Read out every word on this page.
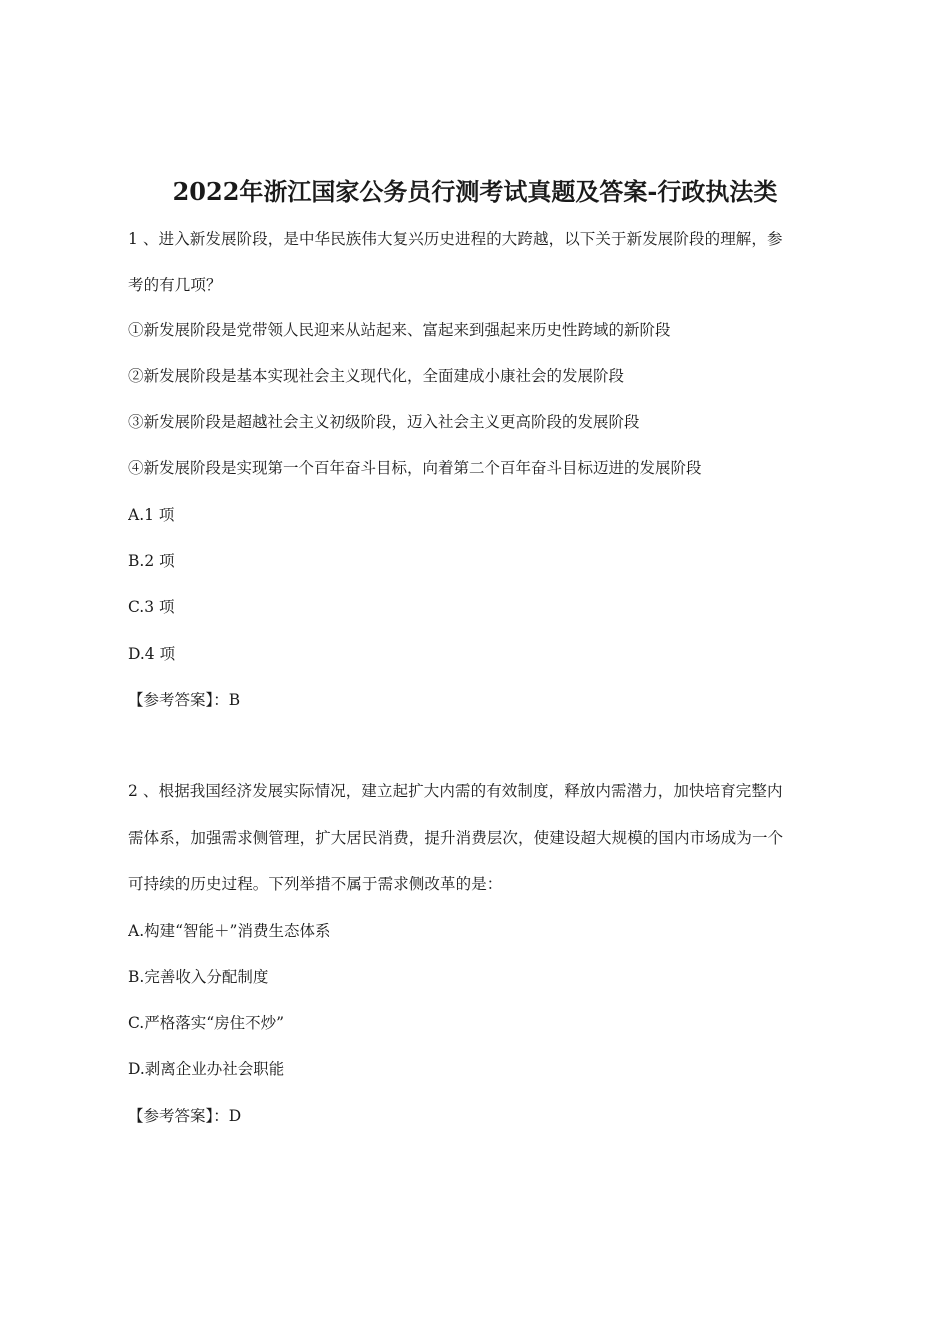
2022年浙江国家公务员行测考试真题及答案-行政执法类
1 、进入新发展阶段，是中华民族伟大复兴历史进程的大跨越，以下关于新发展阶段的理解，参
考的有几项？
①新发展阶段是党带领人民迎来从站起来、富起来到强起来历史性跨域的新阶段
②新发展阶段是基本实现社会主义现代化，全面建成小康社会的发展阶段
③新发展阶段是超越社会主义初级阶段，迈入社会主义更高阶段的发展阶段
④新发展阶段是实现第一个百年奋斗目标，向着第二个百年奋斗目标迈进的发展阶段
A.1 项
B.2 项
C.3 项
D.4 项
【参考答案】：B
2 、根据我国经济发展实际情况，建立起扩大内需的有效制度，释放内需潜力，加快培育完整内
需体系，加强需求侧管理，扩大居民消费，提升消费层次，使建设超大规模的国内市场成为一个
可持续的历史过程。下列举措不属于需求侧改革的是：
A.构建“智能＋”消费生态体系
B.完善收入分配制度
C.严格落实“房住不炒”
D.剥离企业办社会职能
【参考答案】：D
